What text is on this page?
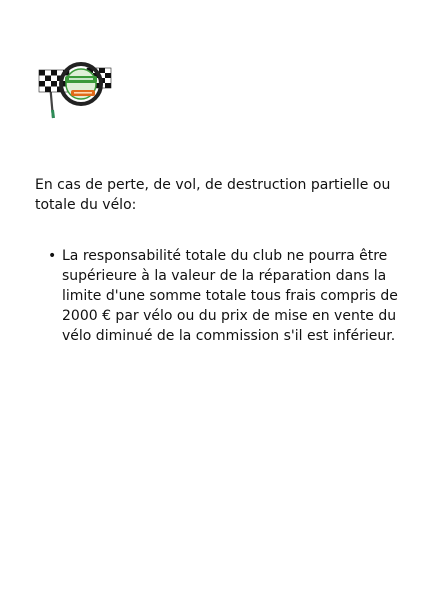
En cas de perte, de vol, de destruction partielle ou totale du vélo:

• La responsabilité totale du club ne pourra être supérieure à la valeur de la réparation dans la limite d'une somme totale tous frais compris de 2000 € par vélo ou du prix de mise en vente du vélo diminué de la commission s'il est inférieur.
